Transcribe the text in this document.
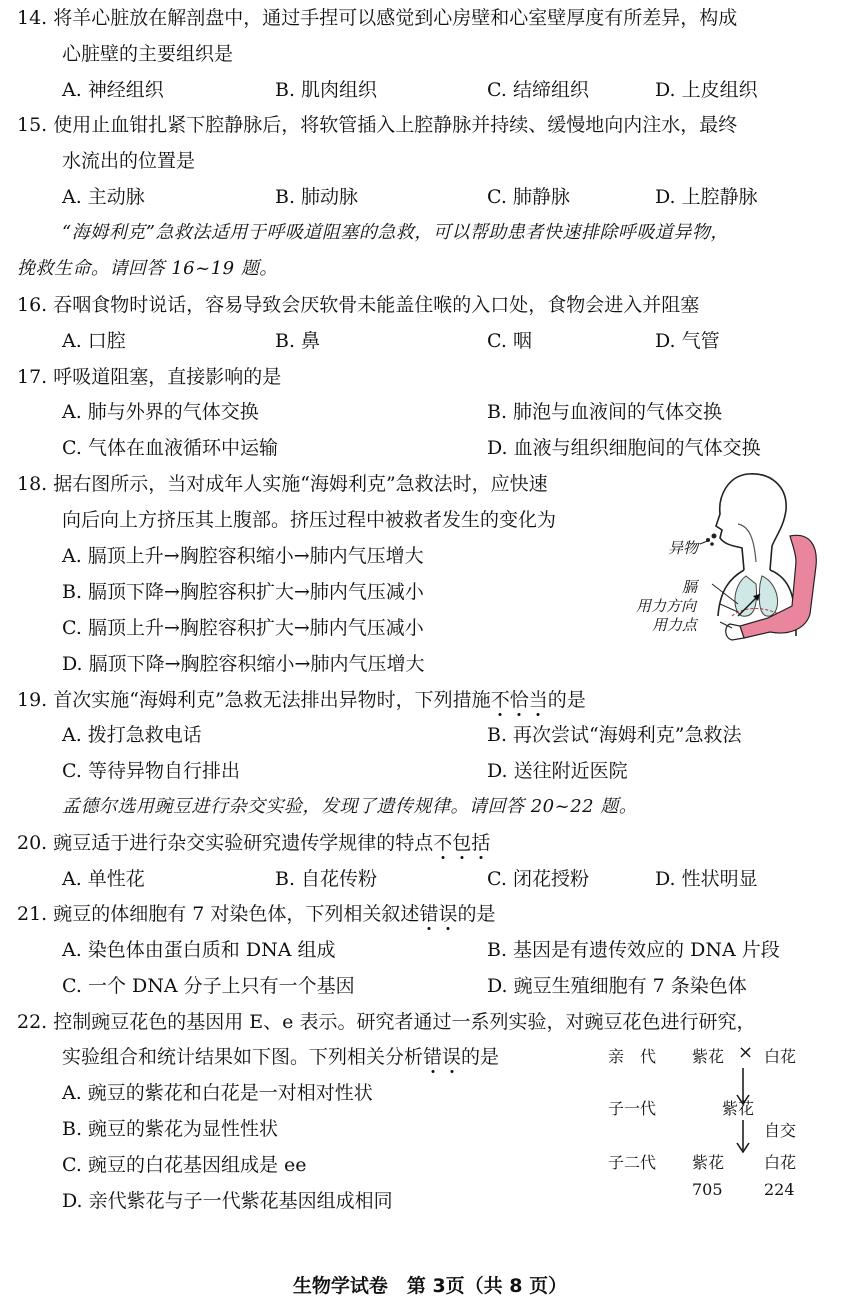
14. 将羊心脏放在解剖盘中，通过手捏可以感觉到心房壁和心室壁厚度有所差异，构成
心脏壁的主要组织是
A. 神经组织	B. 肌肉组织	C. 结缔组织	D. 上皮组织
15. 使用止血钳扎紧下腔静脉后，将软管插入上腔静脉并持续、缓慢地向内注水，最终
水流出的位置是
A. 主动脉	B. 肺动脉	C. 肺静脉	D. 上腔静脉
“海姆利克”急救法适用于呼吸道阻塞的急救，可以帮助患者快速排除呼吸道异物，
挽救生命。请回答 16~19 题。
16. 吞咽食物时说话，容易导致会厌软骨未能盖住喉的入口处，食物会进入并阻塞
A. 口腔	B. 鼻	C. 咽	D. 气管
17. 呼吸道阻塞，直接影响的是
A. 肺与外界的气体交换	B. 肺泡与血液间的气体交换
C. 气体在血液循环中运输	D. 血液与组织细胞间的气体交换
18. 据右图所示，当对成年人实施“海姆利克”急救法时，应快速
向后向上方挤压其上腹部。挤压过程中被救者发生的变化为
A. 膈顶上升→胸腔容积缩小→肺内气压增大
B. 膈顶下降→胸腔容积扩大→肺内气压减小
C. 膈顶上升→胸腔容积扩大→肺内气压减小
D. 膈顶下降→胸腔容积缩小→肺内气压增大
异物
膈
用力方向
用力点
19. 首次实施“海姆利克”急救无法排出异物时，下列措施不恰当的是
A. 拨打急救电话	B. 再次尝试“海姆利克”急救法
C. 等待异物自行排出	D. 送往附近医院
孟德尔选用豌豆进行杂交实验，发现了遗传规律。请回答 20~22 题。
20. 豌豆适于进行杂交实验研究遗传学规律的特点不包括
A. 单性花	B. 自花传粉	C. 闭花授粉	D. 性状明显
21. 豌豆的体细胞有 7 对染色体，下列相关叙述错误的是
A. 染色体由蛋白质和 DNA 组成	B. 基因是有遗传效应的 DNA 片段
C. 一个 DNA 分子上只有一个基因	D. 豌豆生殖细胞有 7 条染色体
22. 控制豌豆花色的基因用 E、e 表示。研究者通过一系列实验，对豌豆花色进行研究，
实验组合和统计结果如下图。下列相关分析错误的是
A. 豌豆的紫花和白花是一对相对性状
B. 豌豆的紫花为显性性状
C. 豌豆的白花基因组成是 ee
D. 亲代紫花与子一代紫花基因组成相同
亲　代 紫花 × 白花
子一代	紫花
自交
子二代 紫花 白花
705	224
生物学试卷　第 3页（共 8 页）
